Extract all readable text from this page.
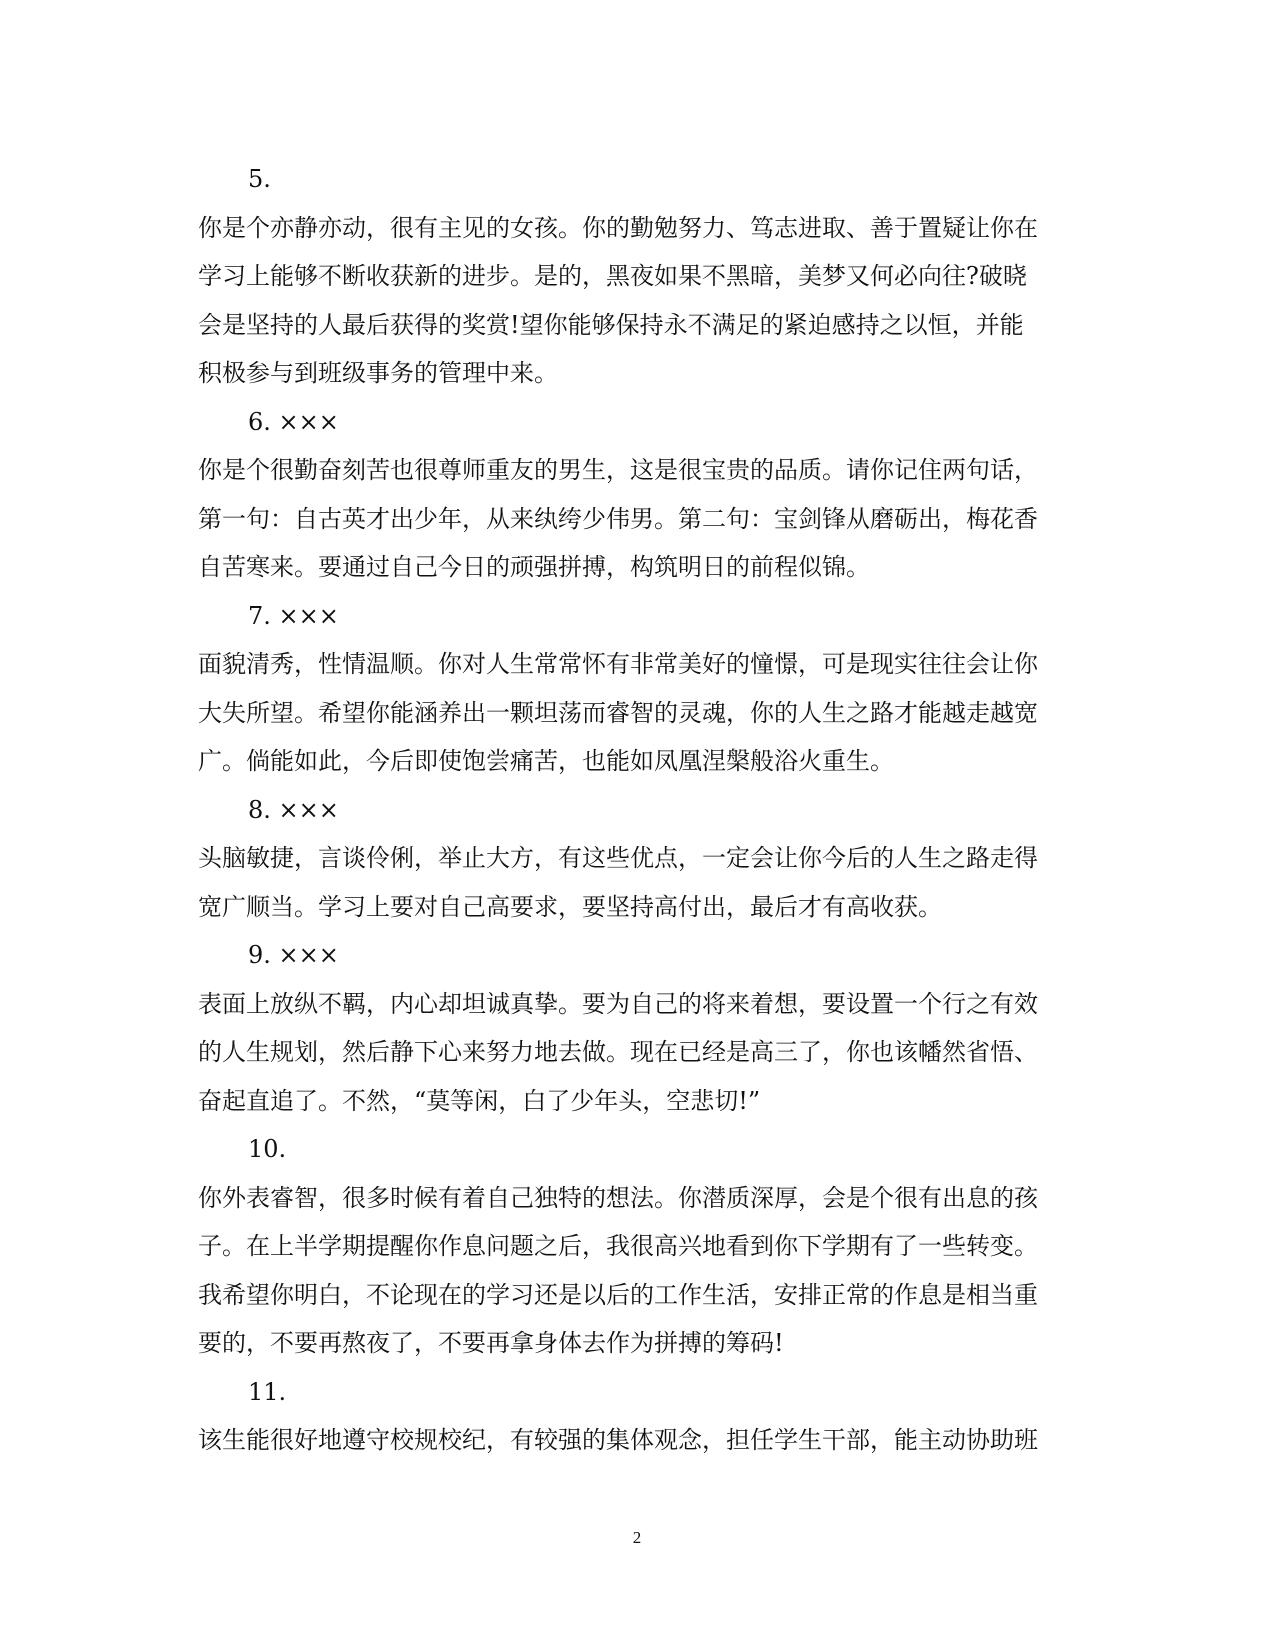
5.
你是个亦静亦动，很有主见的女孩。你的勤勉努力、笃志进取、善于置疑让你在
学习上能够不断收获新的进步。是的，黑夜如果不黑暗，美梦又何必向往?破晓
会是坚持的人最后获得的奖赏!望你能够保持永不满足的紧迫感持之以恒，并能
积极参与到班级事务的管理中来。
6. ×××
你是个很勤奋刻苦也很尊师重友的男生，这是很宝贵的品质。请你记住两句话，
第一句：自古英才出少年，从来纨绔少伟男。第二句：宝剑锋从磨砺出，梅花香
自苦寒来。要通过自己今日的顽强拼搏，构筑明日的前程似锦。
7. ×××
面貌清秀，性情温顺。你对人生常常怀有非常美好的憧憬，可是现实往往会让你
大失所望。希望你能涵养出一颗坦荡而睿智的灵魂，你的人生之路才能越走越宽
广。倘能如此，今后即使饱尝痛苦，也能如凤凰涅槃般浴火重生。
8. ×××
头脑敏捷，言谈伶俐，举止大方，有这些优点，一定会让你今后的人生之路走得
宽广顺当。学习上要对自己高要求，要坚持高付出，最后才有高收获。
9. ×××
表面上放纵不羁，内心却坦诚真挚。要为自己的将来着想，要设置一个行之有效
的人生规划，然后静下心来努力地去做。现在已经是高三了，你也该幡然省悟、
奋起直追了。不然，“莫等闲，白了少年头，空悲切!”
10.
你外表睿智，很多时候有着自己独特的想法。你潜质深厚，会是个很有出息的孩
子。在上半学期提醒你作息问题之后，我很高兴地看到你下学期有了一些转变。
我希望你明白，不论现在的学习还是以后的工作生活，安排正常的作息是相当重
要的，不要再熬夜了，不要再拿身体去作为拼搏的筹码!
11.
该生能很好地遵守校规校纪，有较强的集体观念，担任学生干部，能主动协助班
2
